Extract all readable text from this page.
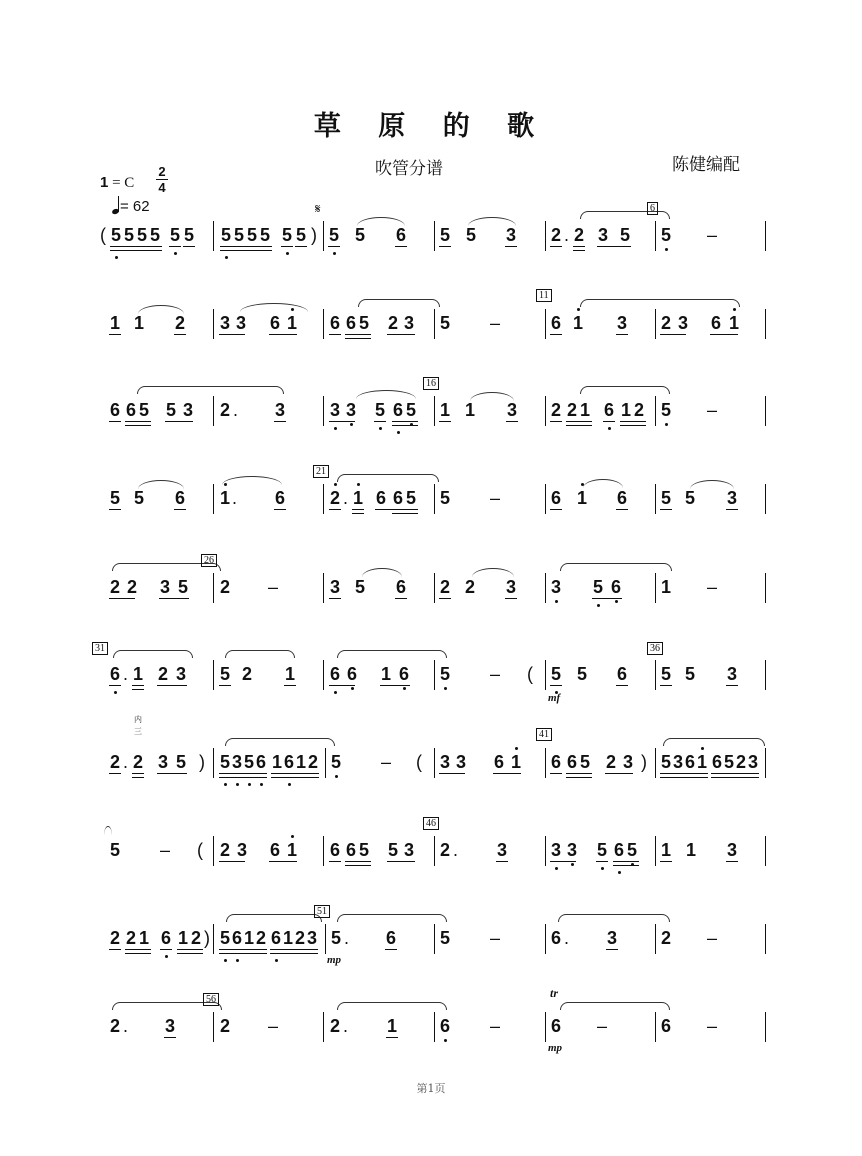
草 原 的 歌
吹管分谱	陈健编配
1 = C
2
4
= 62
( 5 5 5 5 5 5 5 5 5 5 5 5 )
𝄋
5 5 6 5 5 3 2 . 2 3 5
6
5 –
1 1 2 3 3 6 1 6 6 5 2 3 5 –
11
6 1 3 2 3 6 1
6 6 5 5 3 2 . 3 3 3 5 6 5
16
1 1 3 2 2 1 6 1 2 5 –
5 5 6 1 . 6
21
2 . 1 6 6 5 5 –	6 1 6 5 5 3
2 2 3 5
26
2 –	3 5 6 2 2 3 3 5 6 1 –
31
6 . 1 2 3 5 2 1 6 6 1 6 5 – ( 5
mf
5 6
36
5 5 3
内
三
2 . 2 3 5 ) 5 3 5 6 1 6 1 2 5 – ( 3 3 6 1
41
6 6 5 2 3 ) 5 3 6 1 6 5 2 3
5 – ( 2 3 6 1 6 6 5 5 3
46
2 . 3 3 3 5 6 5 1 1 3
2 2 1 6 1 2 ) 5 6 1 2 6 1 2 3
51
5 .
mp
6 5 –	6 . 3 2 –
2 . 3
56
2 –	2 . 1 6 –
tr
6
mp
–	6 –
第1页
